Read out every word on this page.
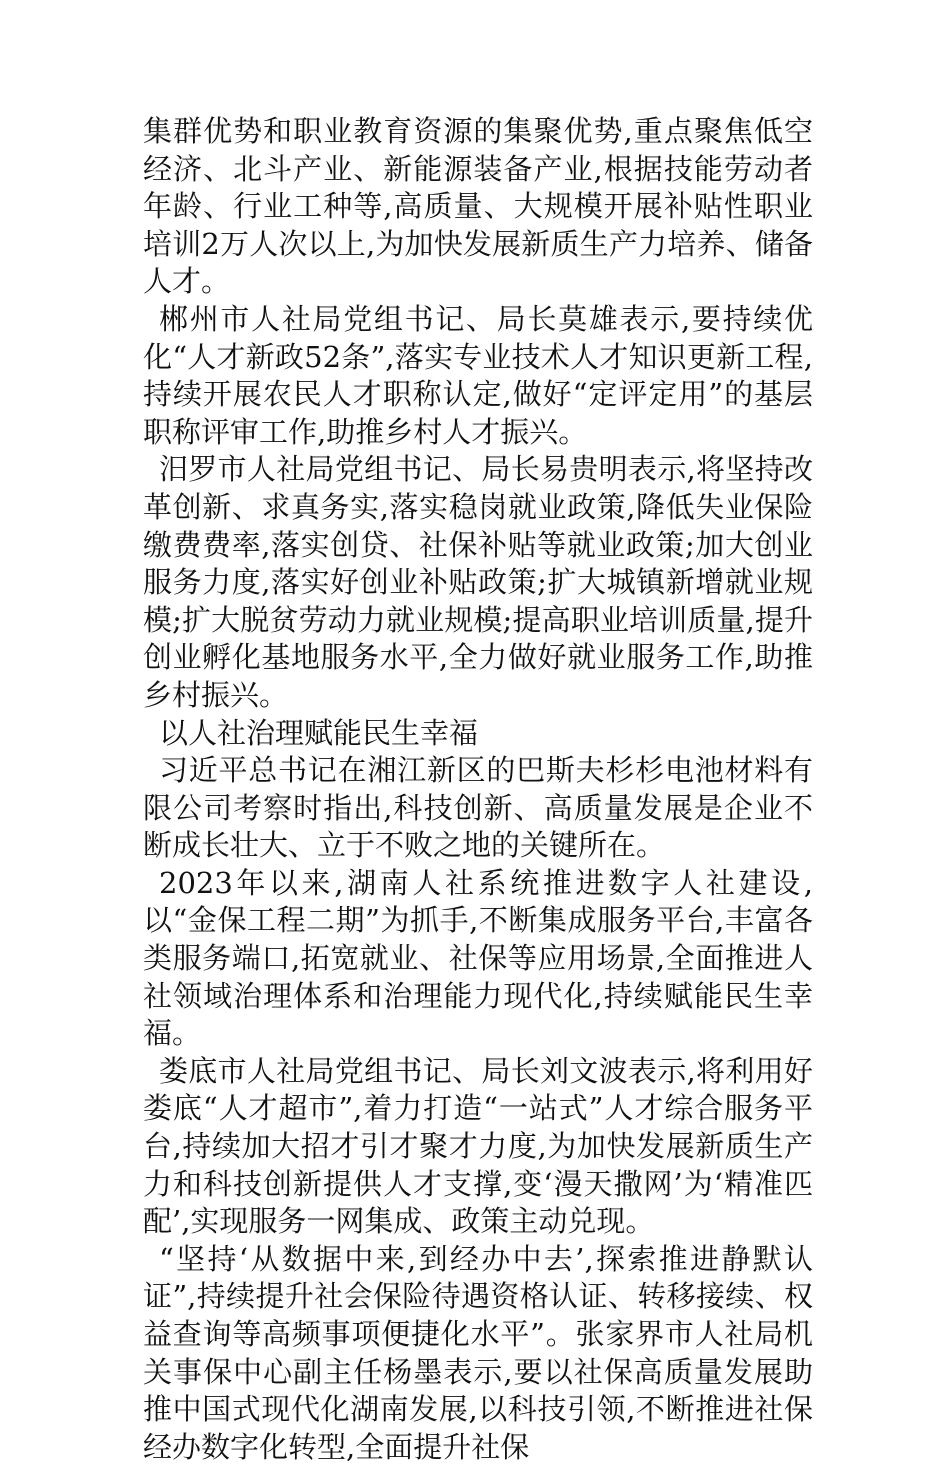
集群优势和职业教育资源的集聚优势,重点聚焦低空经济、北斗产业、新能源装备产业,根据技能劳动者年龄、行业工种等,高质量、大规模开展补贴性职业培训2万人次以上,为加快发展新质生产力培养、储备人才。

郴州市人社局党组书记、局长莫雄表示,要持续优化“人才新政52条”,落实专业技术人才知识更新工程,持续开展农民人才职称认定,做好“定评定用”的基层职称评审工作,助推乡村人才振兴。

汨罗市人社局党组书记、局长易贵明表示,将坚持改革创新、求真务实,落实稳岗就业政策,降低失业保险缴费费率,落实创贷、社保补贴等就业政策;加大创业服务力度,落实好创业补贴政策;扩大城镇新增就业规模;扩大脱贫劳动力就业规模;提高职业培训质量,提升创业孵化基地服务水平,全力做好就业服务工作,助推乡村振兴。

以人社治理赋能民生幸福

习近平总书记在湘江新区的巴斯夫杉杉电池材料有限公司考察时指出,科技创新、高质量发展是企业不断成长壮大、立于不败之地的关键所在。

2023年以来,湖南人社系统推进数字人社建设,以“金保工程二期”为抓手,不断集成服务平台,丰富各类服务端口,拓宽就业、社保等应用场景,全面推进人社领域治理体系和治理能力现代化,持续赋能民生幸福。

娄底市人社局党组书记、局长刘文波表示,将利用好娄底“人才超市”,着力打造“一站式”人才综合服务平台,持续加大招才引才聚才力度,为加快发展新质生产力和科技创新提供人才支撑,变‘漫天撒网’为‘精准匹配’,实现服务一网集成、政策主动兑现。

“坚持‘从数据中来,到经办中去’,探索推进静默认证”,持续提升社会保险待遇资格认证、转移接续、权益查询等高频事项便捷化水平”。张家界市人社局机关事保中心副主任杨墨表示,要以社保高质量发展助推中国式现代化湖南发展,以科技引领,不断推进社保经办数字化转型,全面提升社保
